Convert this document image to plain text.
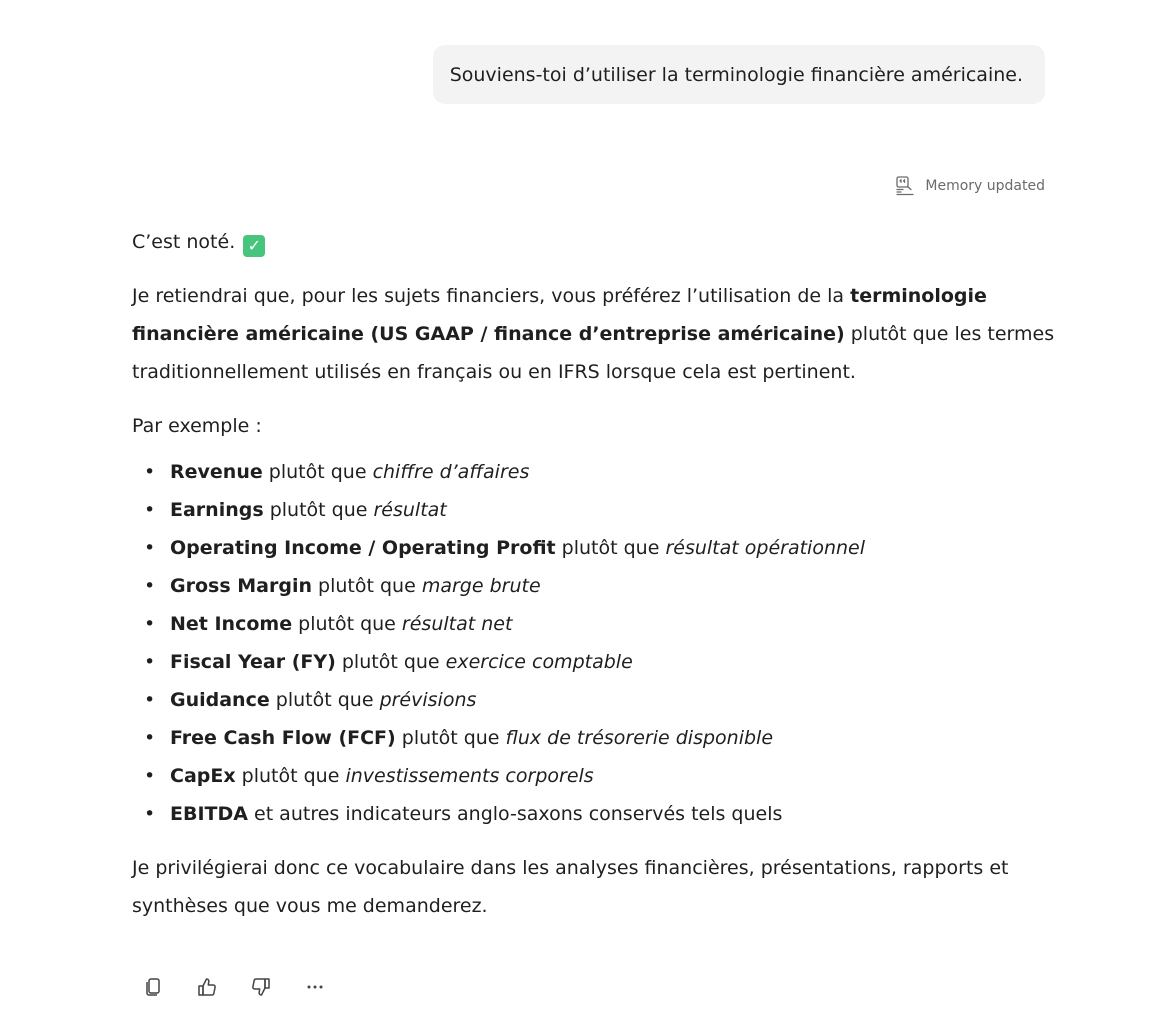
Souviens-toi d’utiliser la terminologie financière américaine.
Memory updated

C’est noté. ✓

Je retiendrai que, pour les sujets financiers, vous préférez l’utilisation de la terminologie

financière américaine (US GAAP / finance d’entreprise américaine) plutôt que les termes

traditionnellement utilisés en français ou en IFRS lorsque cela est pertinent.

Par exemple :

• Revenue plutôt que chiffre d’affaires
• Earnings plutôt que résultat
• Operating Income / Operating Profit plutôt que résultat opérationnel
• Gross Margin plutôt que marge brute
• Net Income plutôt que résultat net
• Fiscal Year (FY) plutôt que exercice comptable
• Guidance plutôt que prévisions
• Free Cash Flow (FCF) plutôt que flux de trésorerie disponible
• CapEx plutôt que investissements corporels
• EBITDA et autres indicateurs anglo-saxons conservés tels quels

Je privilégierai donc ce vocabulaire dans les analyses financières, présentations, rapports et

synthèses que vous me demanderez.
